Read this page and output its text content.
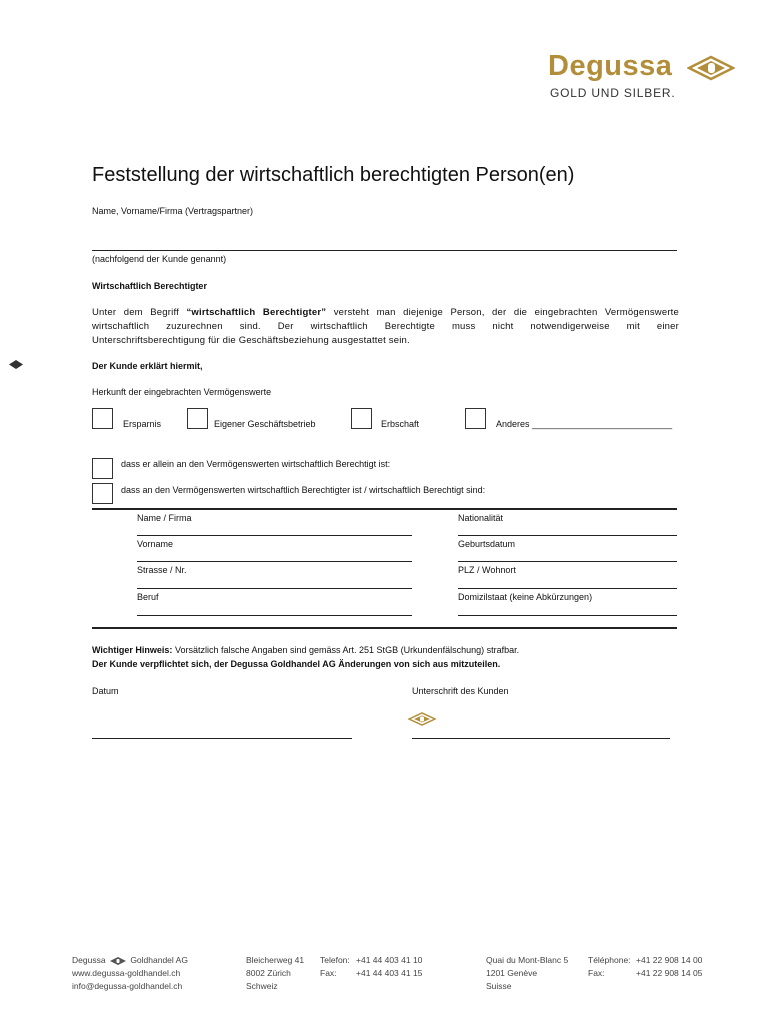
Degussa
GOLD UND SILBER.
Feststellung der wirtschaftlich berechtigten Person(en)
Name, Vorname/Firma (Vertragspartner)
(nachfolgend der Kunde genannt)
Wirtschaftlich Berechtigter
Unter dem Begriff “wirtschaftlich Berechtigter” versteht man diejenige Person, der die eingebrachten Vermögenswerte
wirtschaftlich zuzurechnen sind. Der wirtschaftlich Berechtigte muss nicht notwendigerweise mit einer
Unterschriftsberechtigung für die Geschäftsbeziehung ausgestattet sein.
Der Kunde erklärt hiermit,
Herkunft der eingebrachten Vermögenswerte
Ersparnis	Eigener Geschäftsbetrieb	Erbschaft	Anderes ____________________________
dass er allein an den Vermögenswerten wirtschaftlich Berechtigt ist:
dass an den Vermögenswerten wirtschaftlich Berechtigter ist / wirtschaftlich Berechtigt sind:
Name / Firma	Nationalität
Vorname	Geburtsdatum
Strasse / Nr.	PLZ / Wohnort
Beruf	Domizilstaat (keine Abkürzungen)
Wichtiger Hinweis: Vorsätzlich falsche Angaben sind gemäss Art. 251 StGB (Urkundenfälschung) strafbar.
Der Kunde verpflichtet sich, der Degussa Goldhandel AG Änderungen von sich aus mitzuteilen.
Datum	Unterschrift des Kunden
Degussa	Goldhandel AG
www.degussa-goldhandel.ch
info@degussa-goldhandel.ch
Bleicherweg 41
8002 Zürich
Schweiz
Telefon: +41 44 403 41 10
Fax: +41 44 403 41 15
Quai du Mont-Blanc 5
1201 Genève
Suisse
Téléphone: +41 22 908 14 00
Fax:	+41 22 908 14 05
